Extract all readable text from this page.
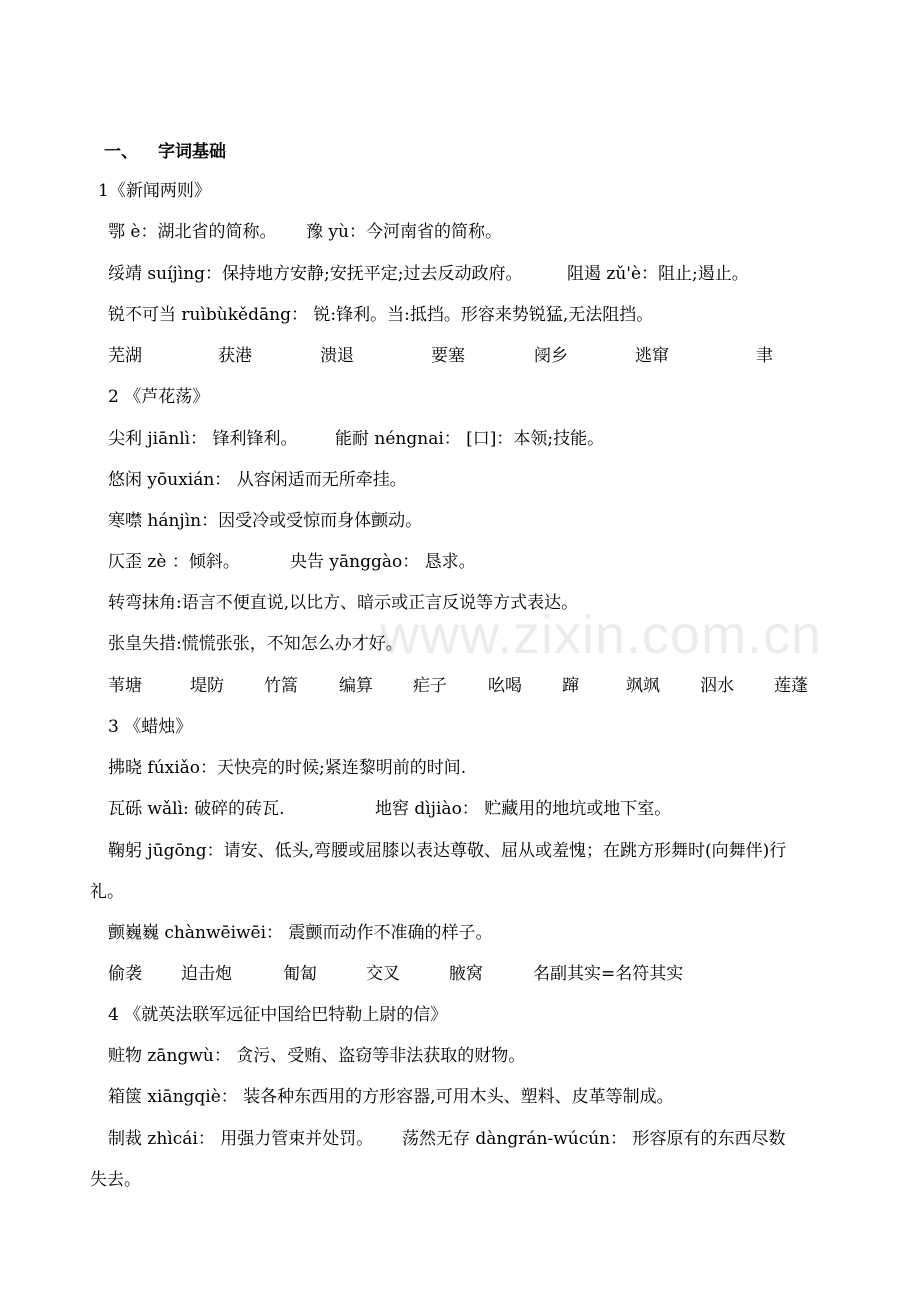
一、 字词基础
1《新闻两则》
鄂 è：湖北省的简称。 豫 yù：今河南省的简称。
绥靖 suíjìng：保持地方安静;安抚平定;过去反动政府。	阻遏 zǔ'è：阻止;遏止。
锐不可当 ruìbùkědāng： 锐:锋利。当:抵挡。形容来势锐猛,无法阻挡。
芜湖	获港	溃退	要塞	阌乡	逃窜	聿
2 《芦花荡》
尖利 jiānlì： 锋利锋利。 能耐 néngnai： [口]：本领;技能。
悠闲 yōuxián： 从容闲适而无所牵挂。
寒噤 hánjìn：因受冷或受惊而身体颤动。
仄歪 zè ：倾斜。	央告 yānggào： 恳求。
转弯抹角:语言不便直说,以比方、暗示或正言反说等方式表达。
张皇失措:慌慌张张，不知怎么办才好。
苇塘	堤防 竹篙 编算 疟子 吆喝 蹿	飒飒 泅水 莲蓬
3 《蜡烛》
拂晓 fúxiǎo：天快亮的时候;紧连黎明前的时间.
瓦砾 wǎlì: 破碎的砖瓦.	地窖 dìjiào： 贮藏用的地坑或地下室。
鞠躬 jūgōng：请安、低头,弯腰或屈膝以表达尊敬、屈从或羞愧；在跳方形舞时(向舞伴)行
礼。
颤巍巍 chànwēiwēi： 震颤而动作不准确的样子。
偷袭 迫击炮	匍匐	交叉	腋窝	名副其实=名符其实
4 《就英法联军远征中国给巴特勒上尉的信》
赃物 zāngwù： 贪污、受贿、盗窃等非法获取的财物。
箱箧 xiāngqiè： 装各种东西用的方形容器,可用木头、塑料、皮革等制成。
制裁 zhìcái： 用强力管束并处罚。 荡然无存 dàngrán-wúcún： 形容原有的东西尽数
失去。
www.zixin.com.cn
